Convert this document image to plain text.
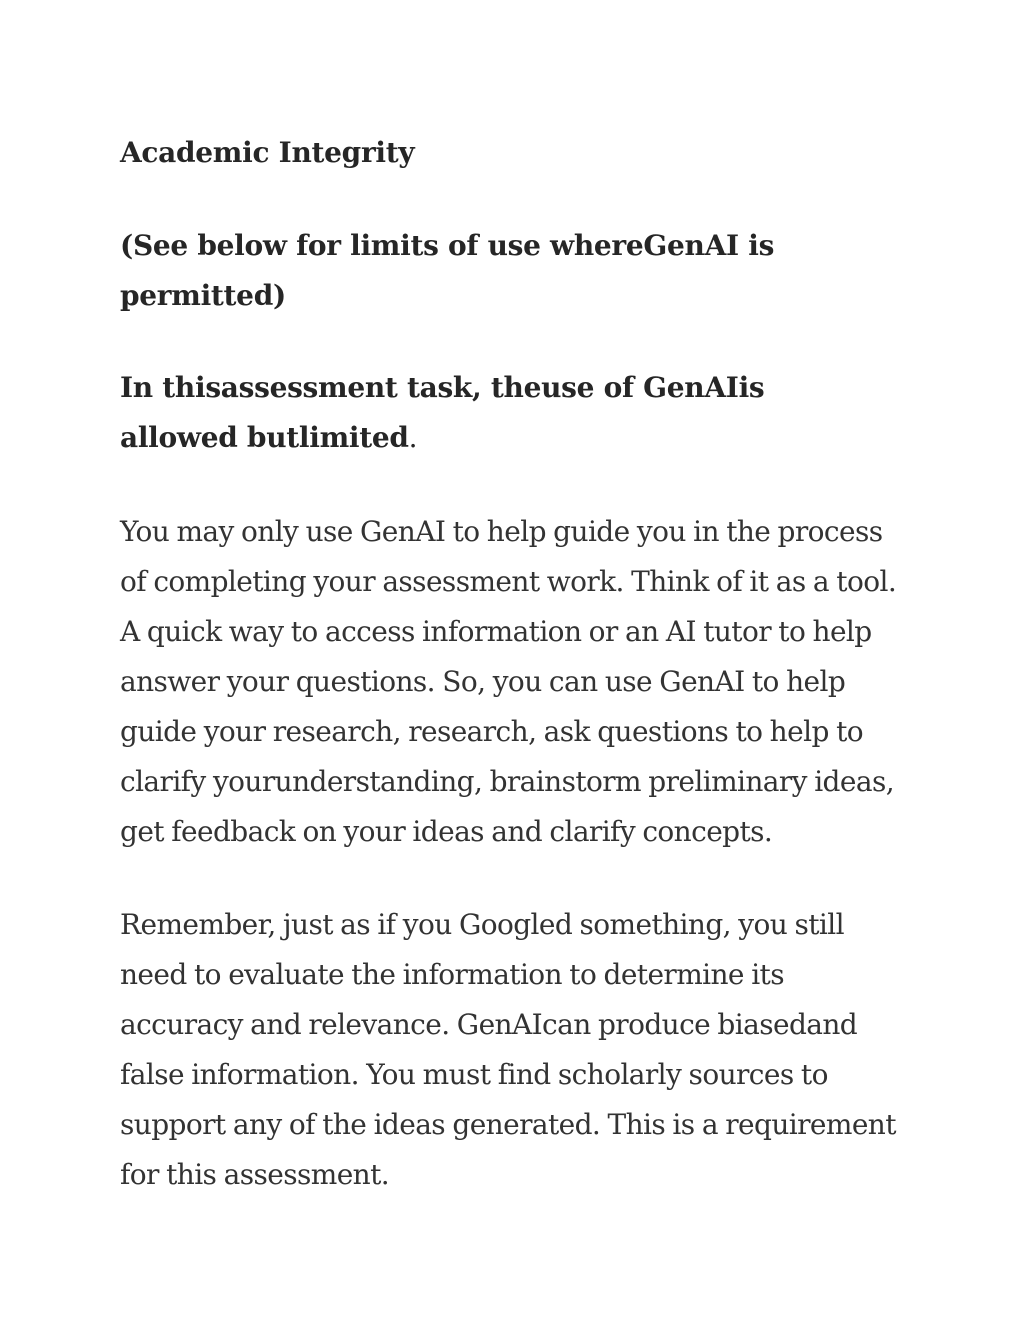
Academic Integrity
(See below for limits of use whereGenAI is
permitted)
In thisassessment task, theuse of GenAIis
allowed butlimited.

You may only use GenAI to help guide you in the process
of completing your assessment work. Think of it as a tool.
A quick way to access information or an AI tutor to help
answer your questions. So, you can use GenAI to help
guide your research, research, ask questions to help to
clarify yourunderstanding, brainstorm preliminary ideas,
get feedback on your ideas and clarify concepts.

Remember, just as if you Googled something, you still
need to evaluate the information to determine its
accuracy and relevance. GenAIcan produce biasedand
false information. You must find scholarly sources to
support any of the ideas generated. This is a requirement
for this assessment.
